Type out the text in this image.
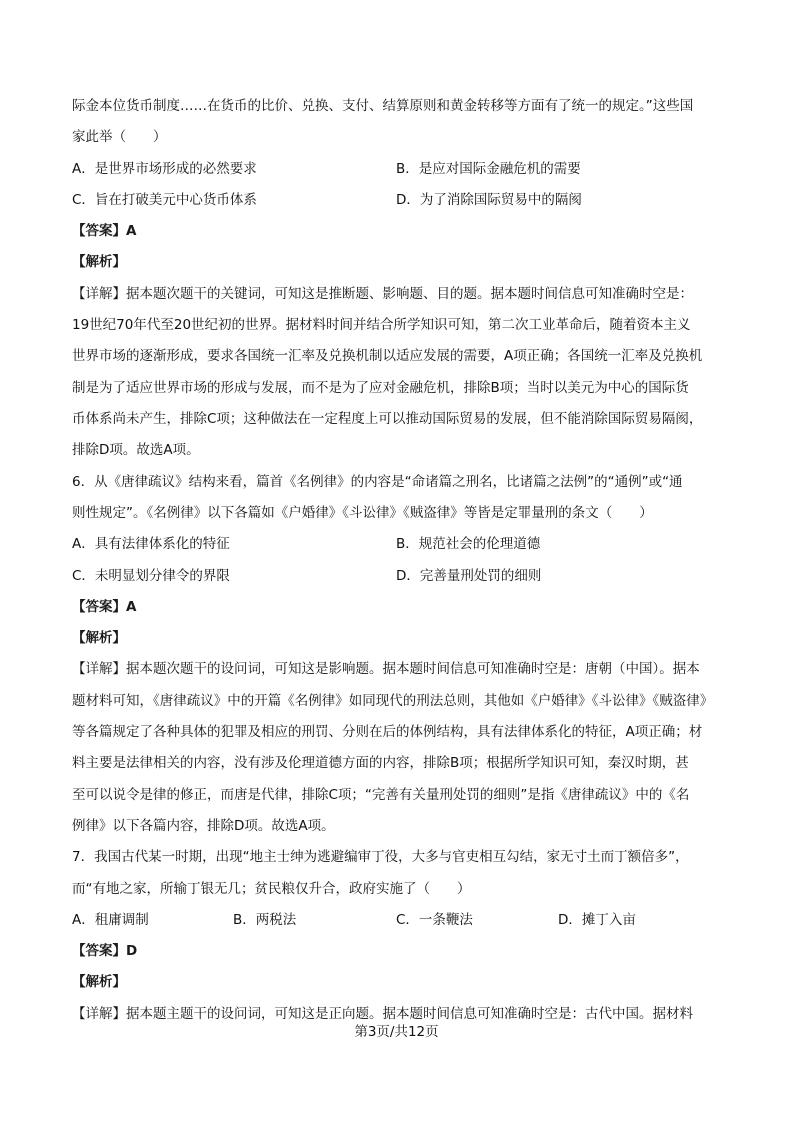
际金本位货币制度……在货币的比价、兑换、支付、结算原则和黄金转移等方面有了统一的规定。”这些国
家此举（　　）
A．是世界市场形成的必然要求	B．是应对国际金融危机的需要
C．旨在打破美元中心货币体系	D．为了消除国际贸易中的隔阂
【答案】A
【解析】
【详解】据本题次题干的关键词，可知这是推断题、影响题、目的题。据本题时间信息可知准确时空是：
19世纪70年代至20世纪初的世界。据材料时间并结合所学知识可知，第二次工业革命后，随着资本主义
世界市场的逐渐形成，要求各国统一汇率及兑换机制以适应发展的需要，A项正确；各国统一汇率及兑换机
制是为了适应世界市场的形成与发展，而不是为了应对金融危机，排除B项；当时以美元为中心的国际货
币体系尚未产生，排除C项；这种做法在一定程度上可以推动国际贸易的发展，但不能消除国际贸易隔阂，
排除D项。故选A项。
6．从《唐律疏议》结构来看，篇首《名例律》的内容是“命诸篇之刑名，比诸篇之法例”的“通例”或“通
则性规定”。《名例律》以下各篇如《户婚律》《斗讼律》《贼盗律》等皆是定罪量刑的条文（　　）
A．具有法律体系化的特征	B．规范社会的伦理道德
C．未明显划分律令的界限	D．完善量刑处罚的细则
【答案】A
【解析】
【详解】据本题次题干的设问词，可知这是影响题。据本题时间信息可知准确时空是：唐朝（中国）。据本
题材料可知，《唐律疏议》中的开篇《名例律》如同现代的刑法总则，其他如《户婚律》《斗讼律》《贼盗律》
等各篇规定了各种具体的犯罪及相应的刑罚、分则在后的体例结构，具有法律体系化的特征，A项正确；材
料主要是法律相关的内容，没有涉及伦理道德方面的内容，排除B项；根据所学知识可知，秦汉时期，甚
至可以说令是律的修正，而唐是代律，排除C项；“完善有关量刑处罚的细则”是指《唐律疏议》中的《名
例律》以下各篇内容，排除D项。故选A项。
7．我国古代某一时期，出现“地主士绅为逃避编审丁役，大多与官吏相互勾结，家无寸土而丁额倍多”，
而“有地之家，所输丁银无几；贫民粮仅升合，政府实施了（　　）
A．租庸调制	B．两税法	C．一条鞭法	D．摊丁入亩
【答案】D
【解析】
【详解】据本题主题干的设问词，可知这是正向题。据本题时间信息可知准确时空是：古代中国。据材料
第3页/共12页
